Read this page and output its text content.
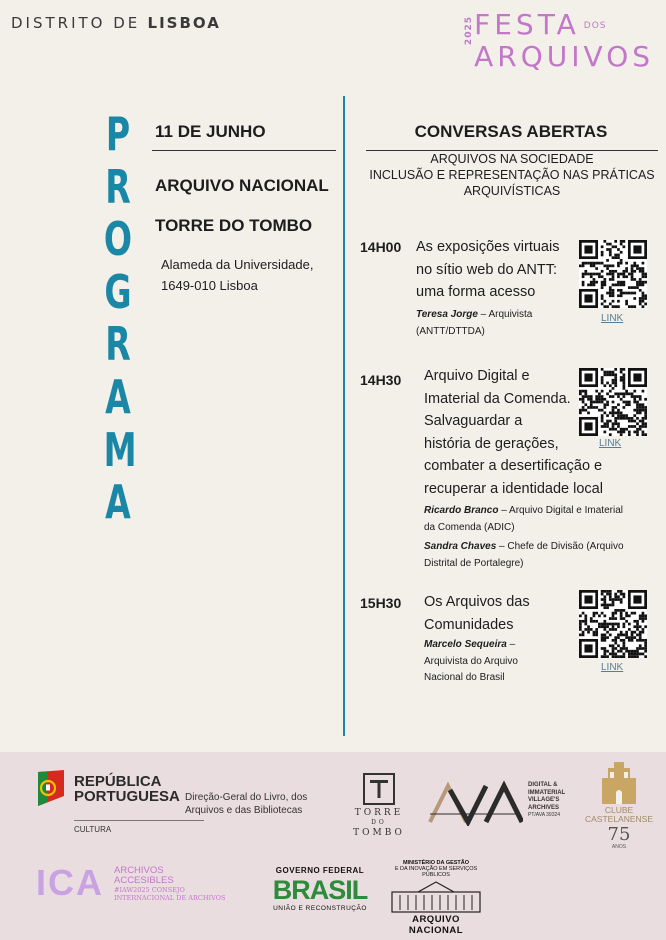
DISTRITO DE LISBOA	2025 FESTA DOS
ARQUIVOS
P
R
O
G
R
A
M
A
11 DE JUNHO
ARQUIVO NACIONAL
TORRE DO TOMBO
Alameda da Universidade,
1649-010 Lisboa
CONVERSAS ABERTAS
ARQUIVOS NA SOCIEDADE
INCLUSÃO E REPRESENTAÇÃO NAS PRÁTICAS
ARQUIVÍSTICAS
14H00 As exposições virtuais
no sítio web do ANTT:
uma forma acesso
Teresa Jorge – Arquivista
(ANTT/DTTDA)
LINK
14H30 Arquivo Digital e
Imaterial da Comenda.
Salvaguardar a
história de gerações,
combater a desertificação e
recuperar a identidade local
Ricardo Branco – Arquivo Digital e Imaterial
da Comenda (ADIC)
Sandra Chaves – Chefe de Divisão (Arquivo
Distrital de Portalegre)
LINK
15H30 Os Arquivos das
Comunidades
Marcelo Sequeira –
Arquivista do Arquivo
Nacional do Brasil
LINK
REPÚBLICA
PORTUGUESA
CULTURA
Direção-Geral do Livro, dos
Arquivos e das Bibliotecas	TORRE
DO
TOMBO
DIGITAL &
IMMATERIAL
VILLAGE'S
ARCHIVES
PT/AVA 39324	CLUBE
CASTELANENSE
75
ANOS
ICA ARCHIVOS
ACCESIBLES
#IAW2025 CONSEJO
INTERNACIONAL DE ARCHIVOS
GOVERNO FEDERAL
BRASIL
UNIÃO E RECONSTRUÇÃO
MINISTÉRIO DA GESTÃO
E DA INOVAÇÃO EM SERVIÇOS PÚBLICOS
ARQUIVO NACIONAL
